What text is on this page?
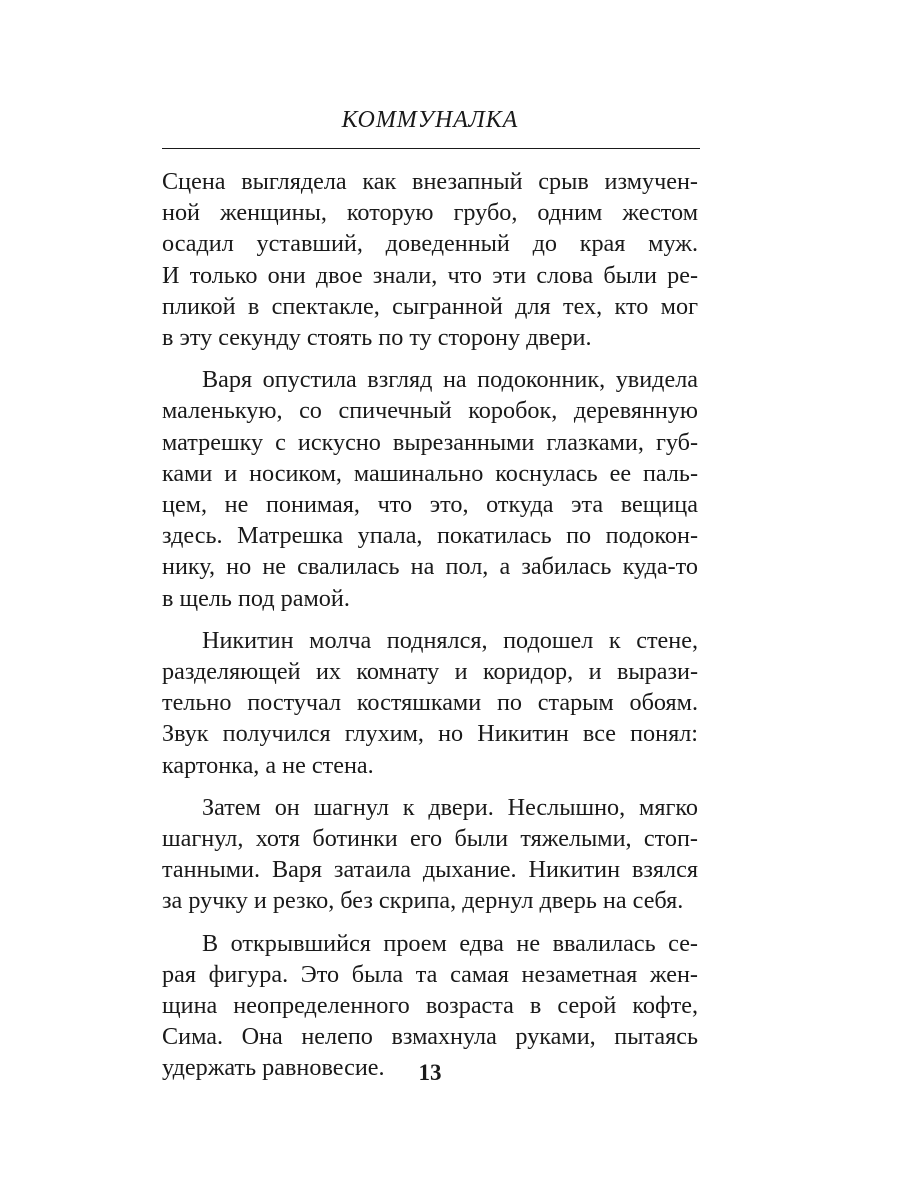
КОММУНАЛКА

Сцена выглядела как внезапный срыв измучен-
ной женщины, которую грубо, одним жестом
осадил уставший, доведенный до края муж.
И только они двое знали, что эти слова были ре-
пликой в спектакле, сыгранной для тех, кто мог
в эту секунду стоять по ту сторону двери.

Варя опустила взгляд на подоконник, увидела
маленькую, со спичечный коробок, деревянную
матрешку с искусно вырезанными глазками, губ-
ками и носиком, машинально коснулась ее паль-
цем, не понимая, что это, откуда эта вещица
здесь. Матрешка упала, покатилась по подокон-
нику, но не свалилась на пол, а забилась куда-то
в щель под рамой.

Никитин молча поднялся, подошел к стене,
разделяющей их комнату и коридор, и вырази-
тельно постучал костяшками по старым обоям.
Звук получился глухим, но Никитин все понял:
картонка, а не стена.

Затем он шагнул к двери. Неслышно, мягко
шагнул, хотя ботинки его были тяжелыми, стоп-
танными. Варя затаила дыхание. Никитин взялся
за ручку и резко, без скрипа, дернул дверь на себя.

В открывшийся проем едва не ввалилась се-
рая фигура. Это была та самая незаметная жен-
щина неопределенного возраста в серой кофте,
Сима. Она нелепо взмахнула руками, пытаясь
удержать равновесие.	13
